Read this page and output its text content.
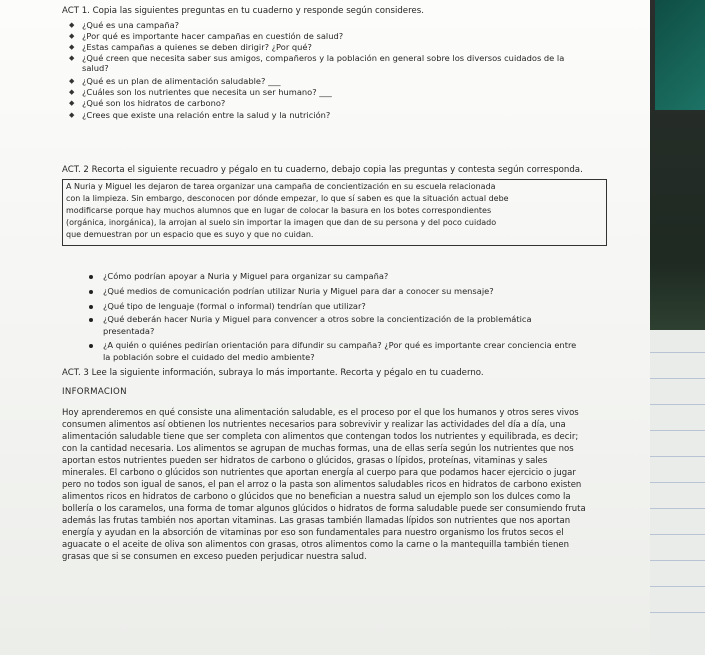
ACT 1. Copia las siguientes preguntas en tu cuaderno y responde según consideres.
◆ ¿Qué es una campaña?
◆ ¿Por qué es importante hacer campañas en cuestión de salud?
◆ ¿Estas campañas a quienes se deben dirigir? ¿Por qué?
◆ ¿Qué creen que necesita saber sus amigos, compañeros y la población en general sobre los diversos cuidados de la
salud?
◆ ¿Qué es un plan de alimentación saludable? ___
◆ ¿Cuáles son los nutrientes que necesita un ser humano? ___
◆ ¿Qué son los hidratos de carbono?
◆ ¿Crees que existe una relación entre la salud y la nutrición?
ACT. 2 Recorta el siguiente recuadro y pégalo en tu cuaderno, debajo copia las preguntas y contesta según corresponda.
A Nuria y Miguel les dejaron de tarea organizar una campaña de concientización en su escuela relacionada
con la limpieza. Sin embargo, desconocen por dónde empezar, lo que sí saben es que la situación actual debe
modificarse porque hay muchos alumnos que en lugar de colocar la basura en los botes correspondientes
(orgánica, inorgánica), la arrojan al suelo sin importar la imagen que dan de su persona y del poco cuidado
que demuestran por un espacio que es suyo y que no cuidan.
¿Cómo podrían apoyar a Nuria y Miguel para organizar su campaña?
¿Qué medios de comunicación podrían utilizar Nuria y Miguel para dar a conocer su mensaje?
¿Qué tipo de lenguaje (formal o informal) tendrían que utilizar?
¿Qué deberán hacer Nuria y Miguel para convencer a otros sobre la concientización de la problemática
presentada?
¿A quién o quiénes pedirían orientación para difundir su campaña? ¿Por qué es importante crear conciencia entre
la población sobre el cuidado del medio ambiente?
ACT. 3 Lee la siguiente información, subraya lo más importante. Recorta y pégalo en tu cuaderno.
INFORMACION
Hoy aprenderemos en qué consiste una alimentación saludable, es el proceso por el que los humanos y otros seres vivos
consumen alimentos así obtienen los nutrientes necesarios para sobrevivir y realizar las actividades del día a día, una
alimentación saludable tiene que ser completa con alimentos que contengan todos los nutrientes y equilibrada, es decir;
con la cantidad necesaria. Los alimentos se agrupan de muchas formas, una de ellas sería según los nutrientes que nos
aportan estos nutrientes pueden ser hidratos de carbono o glúcidos, grasas o lípidos, proteínas, vitaminas y sales
minerales. El carbono o glúcidos son nutrientes que aportan energía al cuerpo para que podamos hacer ejercicio o jugar
pero no todos son igual de sanos, el pan el arroz o la pasta son alimentos saludables ricos en hidratos de carbono existen
alimentos ricos en hidratos de carbono o glúcidos que no benefician a nuestra salud un ejemplo son los dulces como la
bollería o los caramelos, una forma de tomar algunos glúcidos o hidratos de forma saludable puede ser consumiendo fruta
además las frutas también nos aportan vitaminas. Las grasas también llamadas lípidos son nutrientes que nos aportan
energía y ayudan en la absorción de vitaminas por eso son fundamentales para nuestro organismo los frutos secos el
aguacate o el aceite de oliva son alimentos con grasas, otros alimentos como la carne o la mantequilla también tienen
grasas que si se consumen en exceso pueden perjudicar nuestra salud.
